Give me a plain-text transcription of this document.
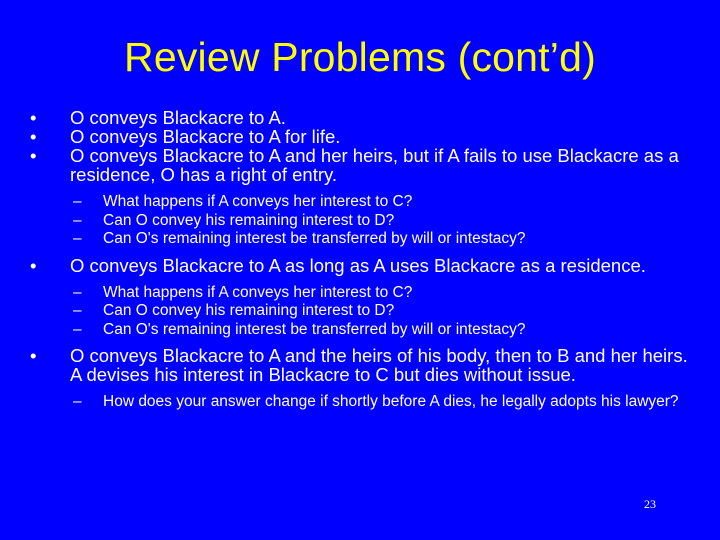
Review Problems (cont’d)
• O conveys Blackacre to A.
• O conveys Blackacre to A for life.
• O conveys Blackacre to A and her heirs, but if A fails to use Blackacre as a residence, O has a right of entry.
– What happens if A conveys her interest to C?
– Can O convey his remaining interest to D?
– Can O's remaining interest be transferred by will or intestacy?
• O conveys Blackacre to A as long as A uses Blackacre as a residence.
– What happens if A conveys her interest to C?
– Can O convey his remaining interest to D?
– Can O's remaining interest be transferred by will or intestacy?
• O conveys Blackacre to A and the heirs of his body, then to B and her heirs. A devises his interest in Blackacre to C but dies without issue.
– How does your answer change if shortly before A dies, he legally adopts his lawyer?
23
